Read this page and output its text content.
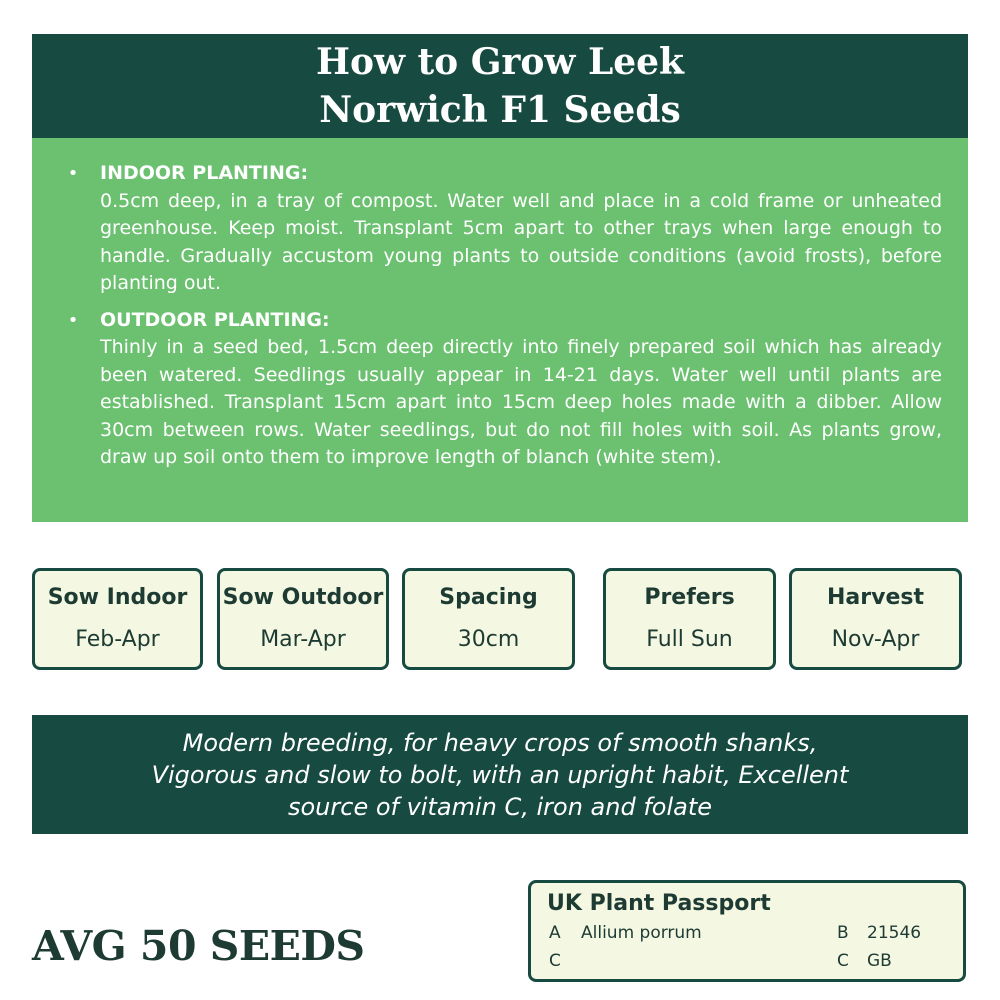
How to Grow Leek
Norwich F1 Seeds
• INDOOR PLANTING:
0.5cm deep, in a tray of compost. Water well and place in a cold frame or unheated greenhouse. Keep moist. Transplant 5cm apart to other trays when large enough to handle. Gradually accustom young plants to outside conditions (avoid frosts), before planting out.
• OUTDOOR PLANTING:
Thinly in a seed bed, 1.5cm deep directly into finely prepared soil which has already been watered. Seedlings usually appear in 14-21 days. Water well until plants are established. Transplant 15cm apart into 15cm deep holes made with a dibber. Allow 30cm between rows. Water seedlings, but do not fill holes with soil. As plants grow, draw up soil onto them to improve length of blanch (white stem).
Sow Indoor
Feb-Apr
Sow Outdoor
Mar-Apr
Spacing
30cm
Prefers
Full Sun
Harvest
Nov-Apr
Modern breeding, for heavy crops of smooth shanks,
Vigorous and slow to bolt, with an upright habit, Excellent
source of vitamin C, iron and folate
AVG 50 SEEDS
UK Plant Passport
A Allium porrum	B 21546
C	C GB
